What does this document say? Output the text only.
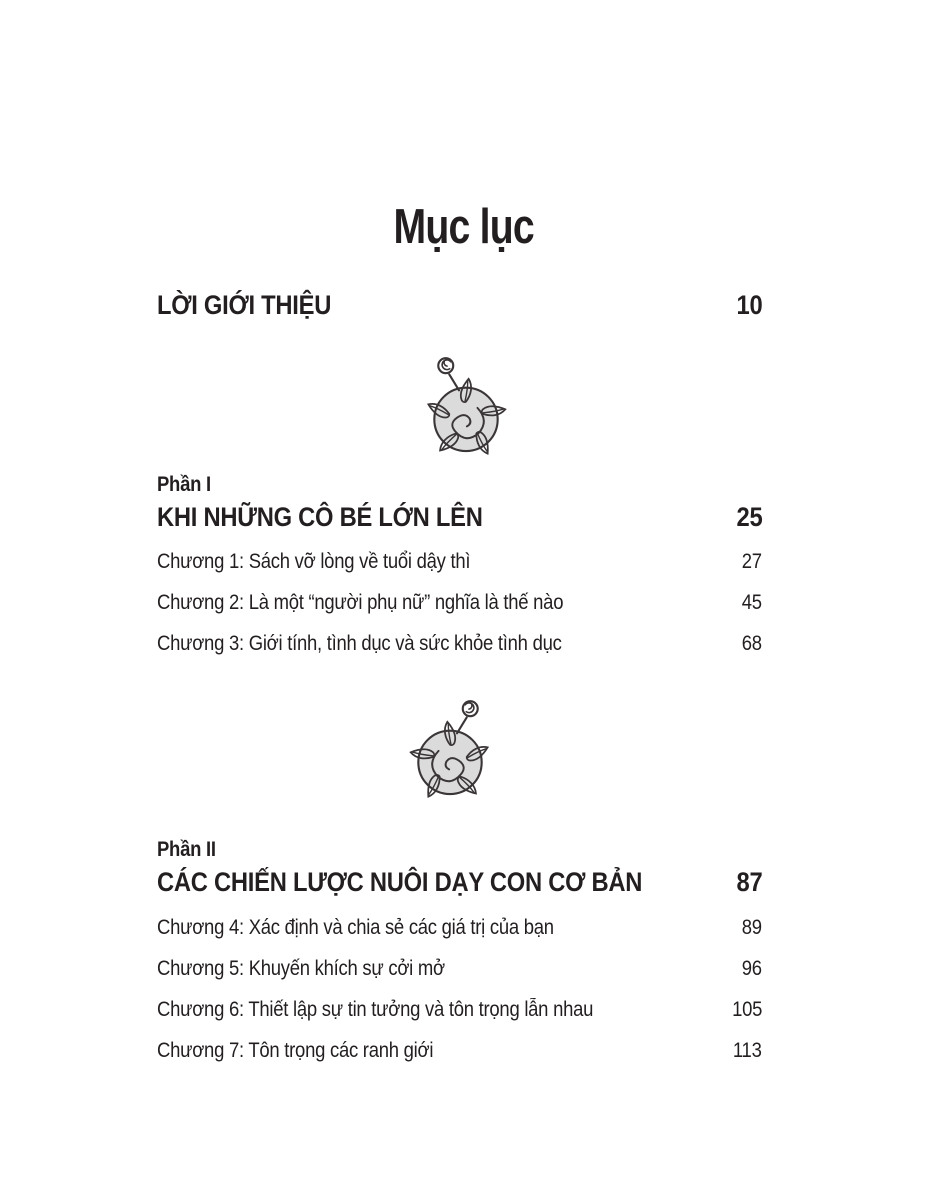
Mục lục
LỜI GIỚI THIỆU	10
Phần I
KHI NHỮNG CÔ BÉ LỚN LÊN	25
Chương 1: Sách vỡ lòng về tuổi dậy thì	27
Chương 2: Là một “người phụ nữ” nghĩa là thế nào	45
Chương 3: Giới tính, tình dục và sức khỏe tình dục	68
Phần II
CÁC CHIẾN LƯỢC NUÔI DẠY CON CƠ BẢN	87
Chương 4: Xác định và chia sẻ các giá trị của bạn	89
Chương 5: Khuyến khích sự cởi mở	96
Chương 6: Thiết lập sự tin tưởng và tôn trọng lẫn nhau	105
Chương 7: Tôn trọng các ranh giới	113
